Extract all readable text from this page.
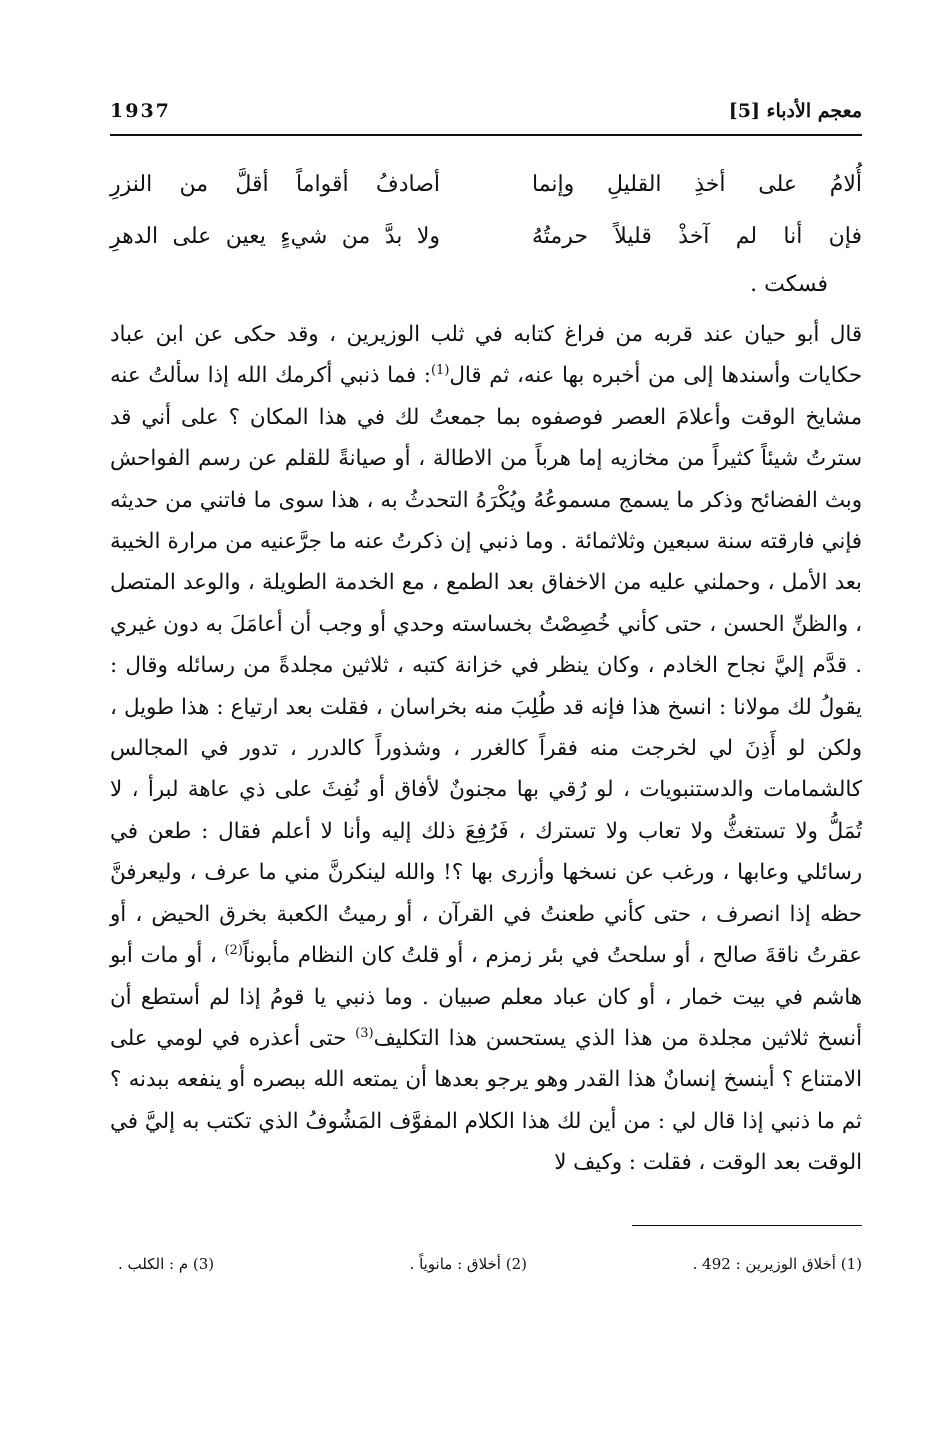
معجم الأدباء [5]
1937
أُلامُ على أخذِ القليلِ وإنما
أصادفُ أقواماً أقلَّ من النزرِ
فإن أنا لم آخذْ قليلاً حرمتُهُ
ولا بدَّ من شيءٍ يعين على الدهرِ
فسكت .

قال أبو حيان عند قربه من فراغ كتابه في ثلب الوزيرين ، وقد حكى عن ابن عباد حكايات وأسندها إلى من أخبره بها عنه، ثم قال$^{(1)}$: فما ذنبي أكرمك الله إذا سألتُ عنه مشايخ الوقت وأعلامَ العصر فوصفوه بما جمعتُ لك في هذا المكان ؟ على أني قد سترتُ شيئاً كثيراً من مخازيه إما هرباً من الاطالة ، أو صيانةً للقلم عن رسم الفواحش وبث الفضائح وذكر ما يسمج مسموعُهُ ويُكْرَهُ التحدثُ به ، هذا سوى ما فاتني من حديثه فإني فارقته سنة سبعين وثلاثمائة . وما ذنبي إن ذكرتُ عنه ما جرَّعنيه من مرارة الخيبة بعد الأمل ، وحملني عليه من الاخفاق بعد الطمع ، مع الخدمة الطويلة ، والوعد المتصل ، والظنِّ الحسن ، حتى كأني خُصِصْتُ بخساسته وحدي أو وجب أن أعامَلَ به دون غيري . قدَّم إليَّ نجاح الخادم ، وكان ينظر في خزانة كتبه ، ثلاثين مجلدةً من رسائله وقال : يقولُ لك مولانا : انسخ هذا فإنه قد طُلِبَ منه بخراسان ، فقلت بعد ارتياع : هذا طويل ، ولكن لو أَذِنَ لي لخرجت منه فقراً كالغرر ، وشذوراً كالدرر ، تدور في المجالس كالشمامات والدستنبويات ، لو رُقي بها مجنونٌ لأفاق أو نُفِثَ على ذي عاهة لبرأ ، لا تُمَلُّ ولا تستغثُّ ولا تعاب ولا تسترك ، فَرُفِعَ ذلك إليه وأنا لا أعلم فقال : طعن في رسائلي وعابها ، ورغب عن نسخها وأزرى بها ؟! والله لينكرنَّ مني ما عرف ، وليعرفنَّ حظه إذا انصرف ، حتى كأني طعنتُ في القرآن ، أو رميتُ الكعبة بخرق الحيض ، أو عقرتُ ناقةَ صالح ، أو سلحتُ في بئر زمزم ، أو قلتُ كان النظام مأبوناً$^{(2)}$ ، أو مات أبو هاشم في بيت خمار ، أو كان عباد معلم صبيان . وما ذنبي يا قومُ إذا لم أستطع أن أنسخ ثلاثين مجلدة من هذا الذي يستحسن هذا التكليف$^{(3)}$ حتى أعذره في لومي على الامتناع ؟ أينسخ إنسانٌ هذا القدر وهو يرجو بعدها أن يمتعه الله ببصره أو ينفعه ببدنه ؟ ثم ما ذنبي إذا قال لي : من أين لك هذا الكلام المفوَّف المَشُوفُ الذي تكتب به إليَّ في الوقت بعد الوقت ، فقلت : وكيف لا

(1) أخلاق الوزيرين : 492 .
(2) أخلاق : مانوياً .
(3) م : الكلب .
